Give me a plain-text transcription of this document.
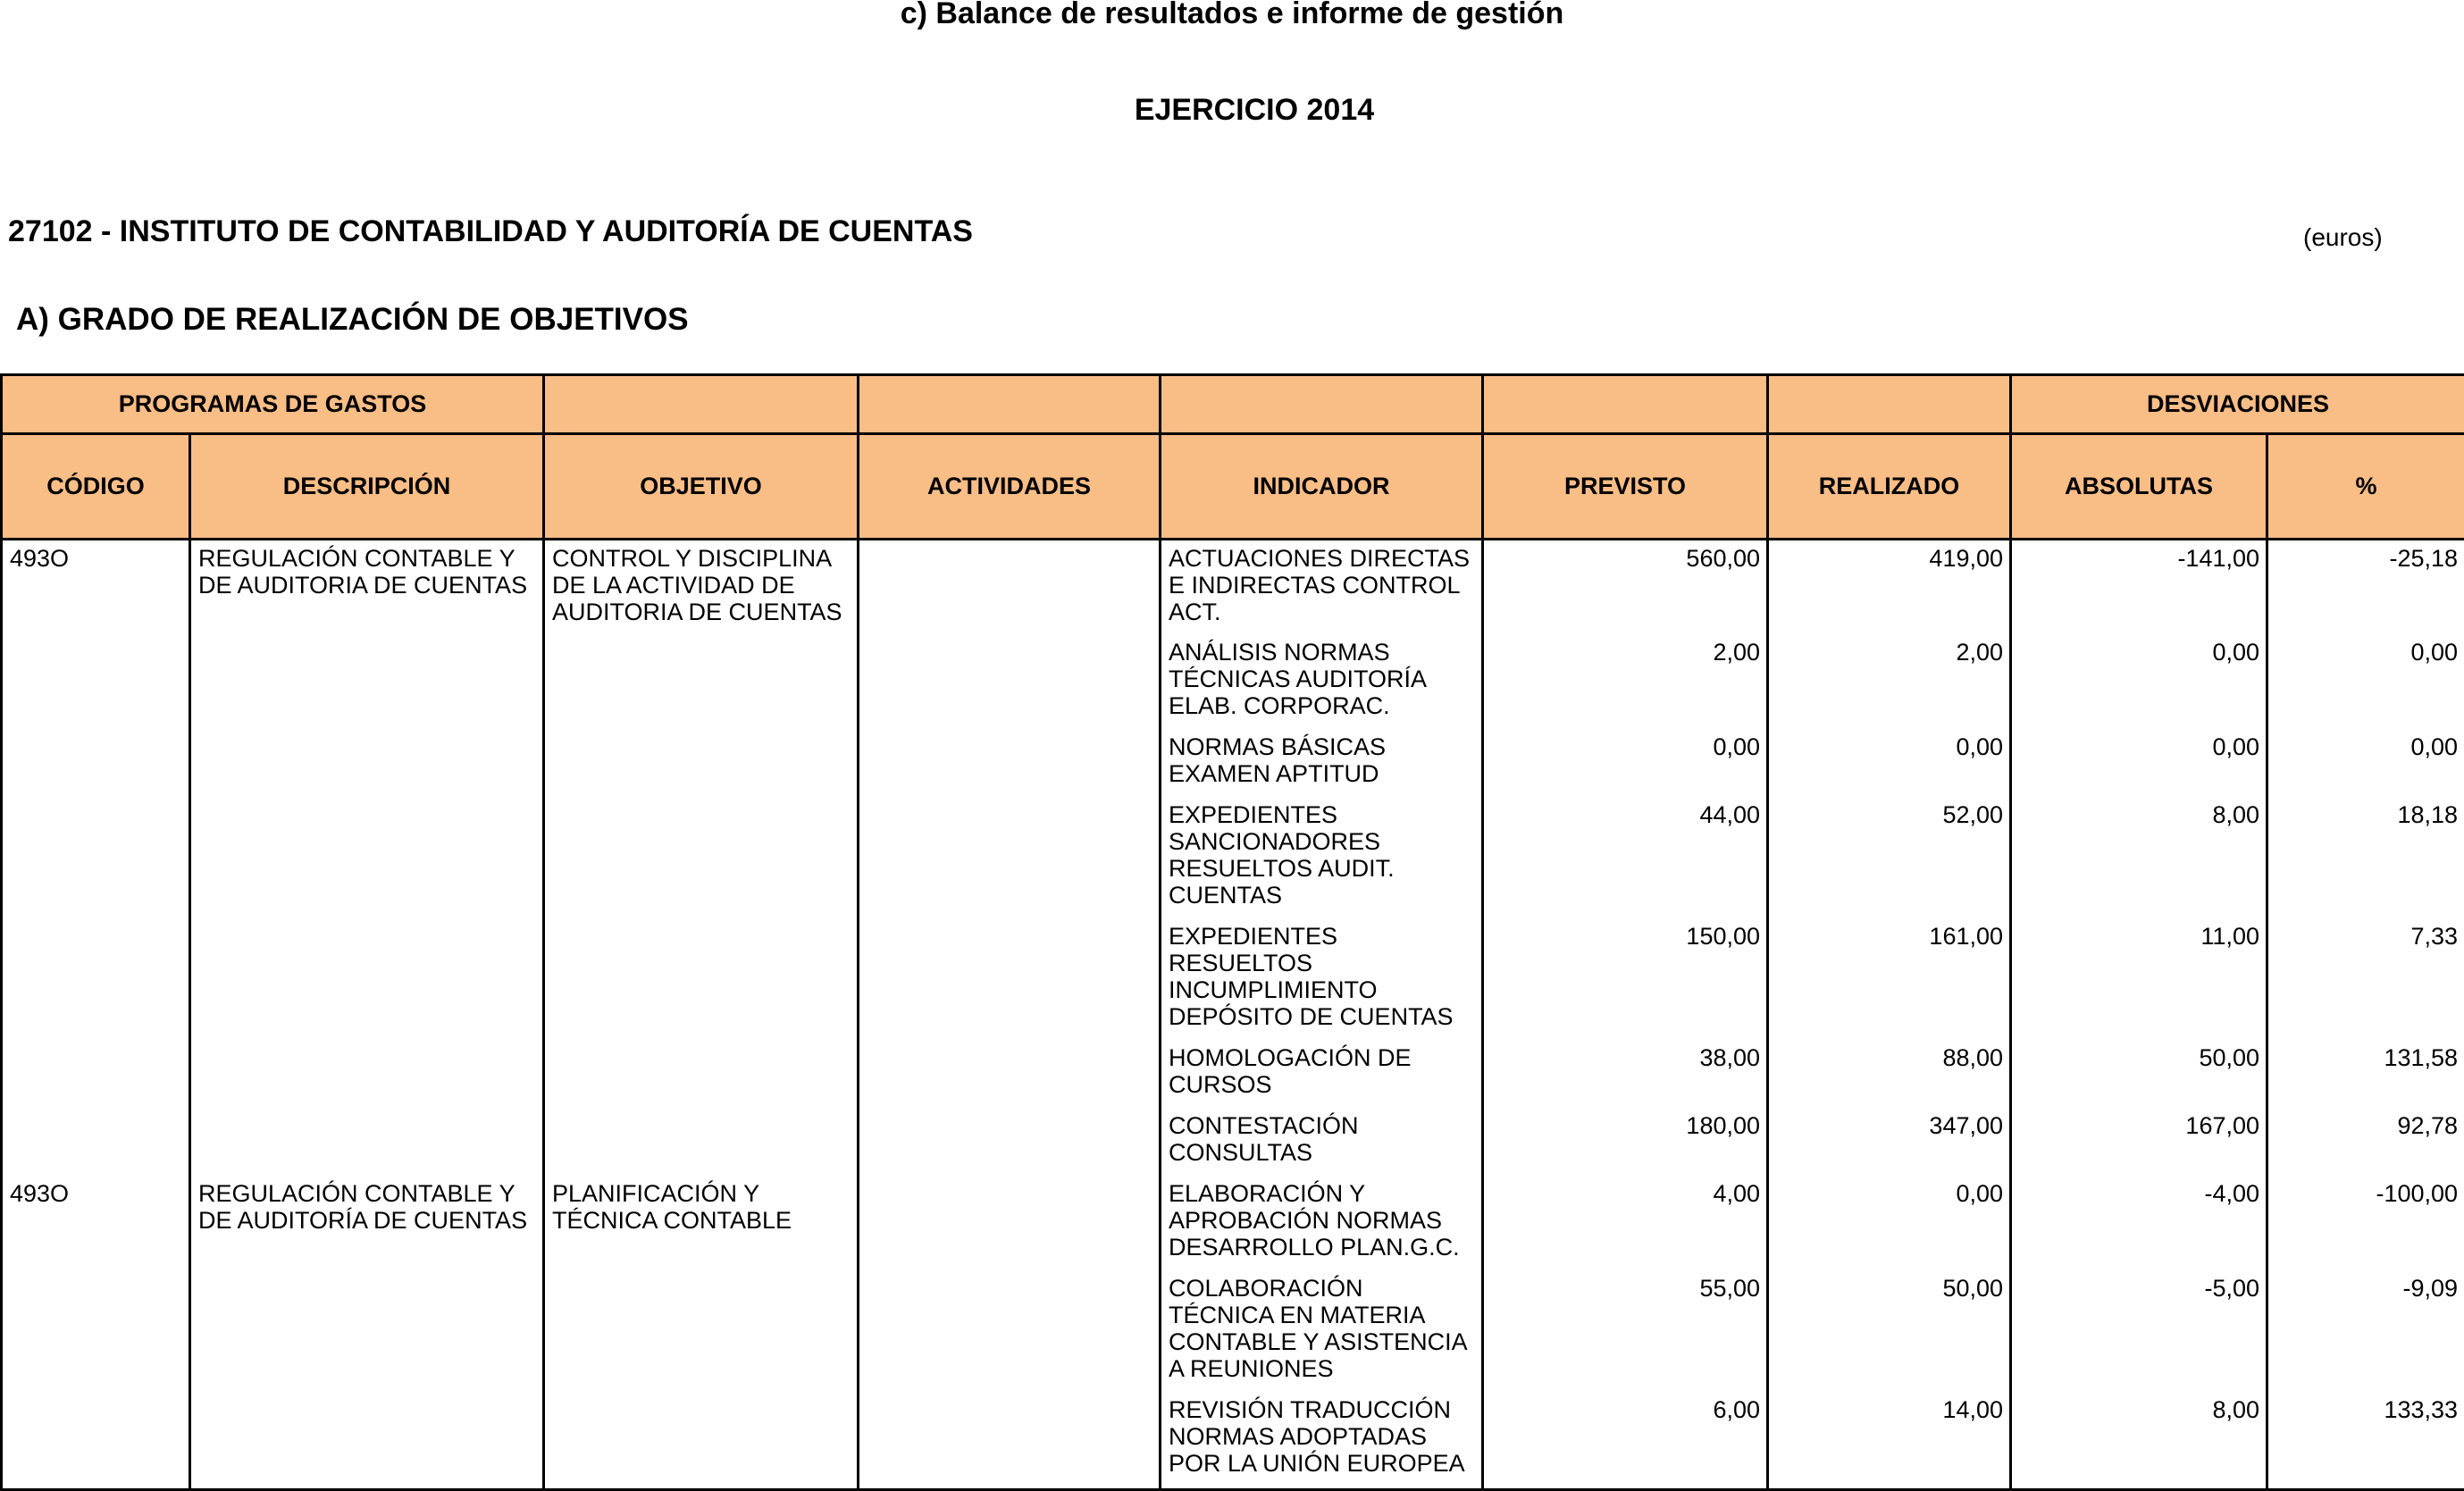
c) Balance de resultados e informe de gestión
EJERCICIO 2014
27102 - INSTITUTO DE CONTABILIDAD Y AUDITORÍA DE CUENTAS	(euros)
A) GRADO DE REALIZACIÓN DE OBJETIVOS
PROGRAMAS DE GASTOS							DESVIACIONES	
CÓDIGO	DESCRIPCIÓN	OBJETIVO	ACTIVIDADES	INDICADOR	PREVISTO	REALIZADO	ABSOLUTAS	%
493O	REGULACIÓN CONTABLE Y DE AUDITORIA DE CUENTAS	CONTROL Y DISCIPLINA DE LA ACTIVIDAD DE AUDITORIA DE CUENTAS		ACTUACIONES DIRECTAS E INDIRECTAS CONTROL ACT.	560,00	419,00	-141,00	-25,18
				ANÁLISIS NORMAS TÉCNICAS AUDITORÍA ELAB. CORPORAC.	2,00	2,00	0,00	0,00
				NORMAS BÁSICAS EXAMEN APTITUD	0,00	0,00	0,00	0,00
				EXPEDIENTES SANCIONADORES RESUELTOS AUDIT. CUENTAS	44,00	52,00	8,00	18,18
				EXPEDIENTES RESUELTOS INCUMPLIMIENTO DEPÓSITO DE CUENTAS	150,00	161,00	11,00	7,33
				HOMOLOGACIÓN DE CURSOS	38,00	88,00	50,00	131,58
				CONTESTACIÓN CONSULTAS	180,00	347,00	167,00	92,78
493O	REGULACIÓN CONTABLE Y DE AUDITORÍA DE CUENTAS	PLANIFICACIÓN Y TÉCNICA CONTABLE		ELABORACIÓN Y APROBACIÓN NORMAS DESARROLLO PLAN.G.C.	4,00	0,00	-4,00	-100,00
				COLABORACIÓN TÉCNICA EN MATERIA CONTABLE Y ASISTENCIA A REUNIONES	55,00	50,00	-5,00	-9,09
				REVISIÓN TRADUCCIÓN NORMAS ADOPTADAS POR LA UNIÓN EUROPEA	6,00	14,00	8,00	133,33
